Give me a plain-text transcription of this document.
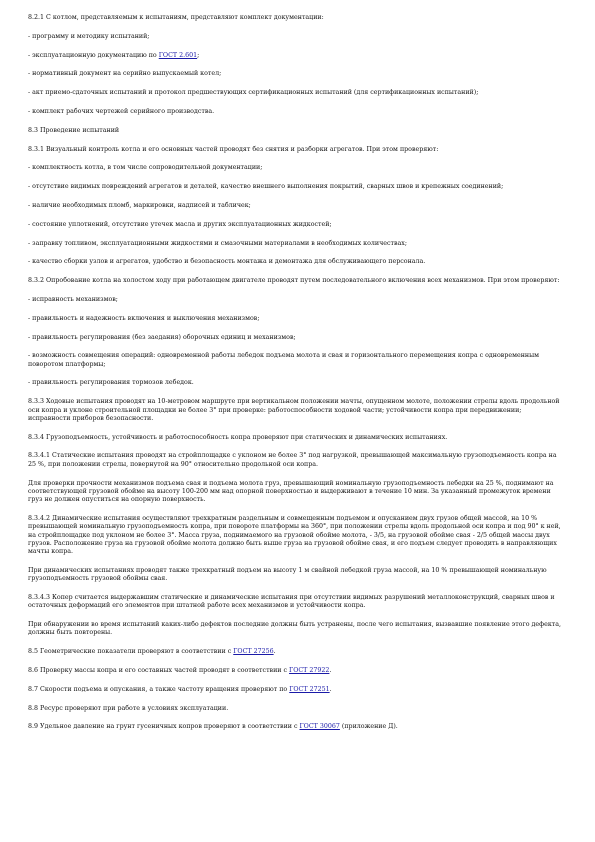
8.2.1 С котлом, представляемым к испытаниям, представляют комплект документации:

- программу и методику испытаний;

- эксплуатационную документацию по ГОСТ 2.601;

- нормативный документ на серийно выпускаемый котел;

- акт приемо-сдаточных испытаний и протокол предшествующих сертификационных испытаний (для сертификационных испытаний);

- комплект рабочих чертежей серийного производства.

8.3 Проведение испытаний

8.3.1 Визуальный контроль котла и его основных частей проводят без снятия и разборки агрегатов. При этом проверяют:

- комплектность котла, в том числе сопроводительной документации;

- отсутствие видимых повреждений агрегатов и деталей, качество внешнего выполнения покрытий, сварных швов и крепежных соединений;

- наличие необходимых пломб, маркировки, надписей и табличек;

- состояние уплотнений, отсутствие утечек масла и других эксплуатационных жидкостей;

- заправку топливом, эксплуатационными жидкостями и смазочными материалами в необходимых количествах;

- качество сборки узлов и агрегатов, удобство и безопасность монтажа и демонтажа для обслуживающего персонала.

8.3.2 Опробование котла на холостом ходу при работающем двигателе проводят путем последовательного включения всех механизмов. При этом проверяют:

- исправность механизмов;

- правильность и надежность включения и выключения механизмов;

- правильность регулирования (без заедания) оборочных единиц и механизмов;

- возможность совмещения операций: одновременной работы лебедок подъема молота и свая и горизонтального перемещения копра с одновременным поворотом платформы;

- правильность регулирования тормозов лебедок.

8.3.3 Ходовые испытания проводят на 10-метровом маршруте при вертикальном положении мачты, опущенном молоте, положении стрелы вдоль продольной оси копра и уклоне строительной площадки не более 3° при проверке: работоспособности ходовой части; устойчивости копра при передвижении; исправности приборов безопасности.

8.3.4 Грузоподъемность, устойчивость и работоспособность копра проверяют при статических и динамических испытаниях.

8.3.4.1 Статические испытания проводят на стройплощадке с уклоном не более 3° под нагрузкой, превышающей максимальную грузоподъемность копра на 25 %, при положении стрелы, повернутой на 90° относительно продольной оси копра.

Для проверки прочности механизмов подъема свая и подъема молота груз, превышающий номинальную грузоподъемность лебедки на 25 %, поднимают на соответствующей грузовой обойме на высоту 100-200 мм над опорной поверхностью и выдерживают в течение 10 мин. За указанный промежуток времени груз не должен опуститься на опорную поверхность.

8.3.4.2 Динамические испытания осуществляют трехкратным раздельным и совмещенным подъемом и опусканием двух грузов общей массой, на 10 % превышающей номинальную грузоподъемность копра, при повороте платформы на 360°, при положении стрелы вдоль продольной оси копра и под 90° к ней, на стройплощадке под уклоном не более 3°. Масса груза, поднимаемого на грузовой обойме молота, - 3/5, на грузовой обойме свая - 2/5 общей массы двух грузов. Расположение груза на грузовой обойме молота должно быть выше груза на грузовой обойме свая, и его подъем следует проводить в направляющих мачты копра.

При динамических испытаниях проводят также трехкратный подъем на высоту 1 м свайной лебедкой груза массой, на 10 % превышающей номинальную грузоподъемность грузовой обоймы свая.

8.3.4.3 Копер считается выдержавшим статические и динамические испытания при отсутствии видимых разрушений металлоконструкций, сварных швов и остаточных деформаций его элементов при штатной работе всех механизмов и устойчивости копра.

При обнаружении во время испытаний каких-либо дефектов последние должны быть устранены, после чего испытания, вызвавшие появление этого дефекта, должны быть повторены.

8.5 Геометрические показатели проверяют в соответствии с ГОСТ 27256.

8.6 Проверку массы копра и его составных частей проводят в соответствии с ГОСТ 27922.

8.7 Скорости подъема и опускания, а также частоту вращения проверяют по ГОСТ 27251.

8.8 Ресурс проверяют при работе в условиях эксплуатации.

8.9 Удельное давление на грунт гусеничных копров проверяют в соответствии с ГОСТ 30067 (приложение Д).
